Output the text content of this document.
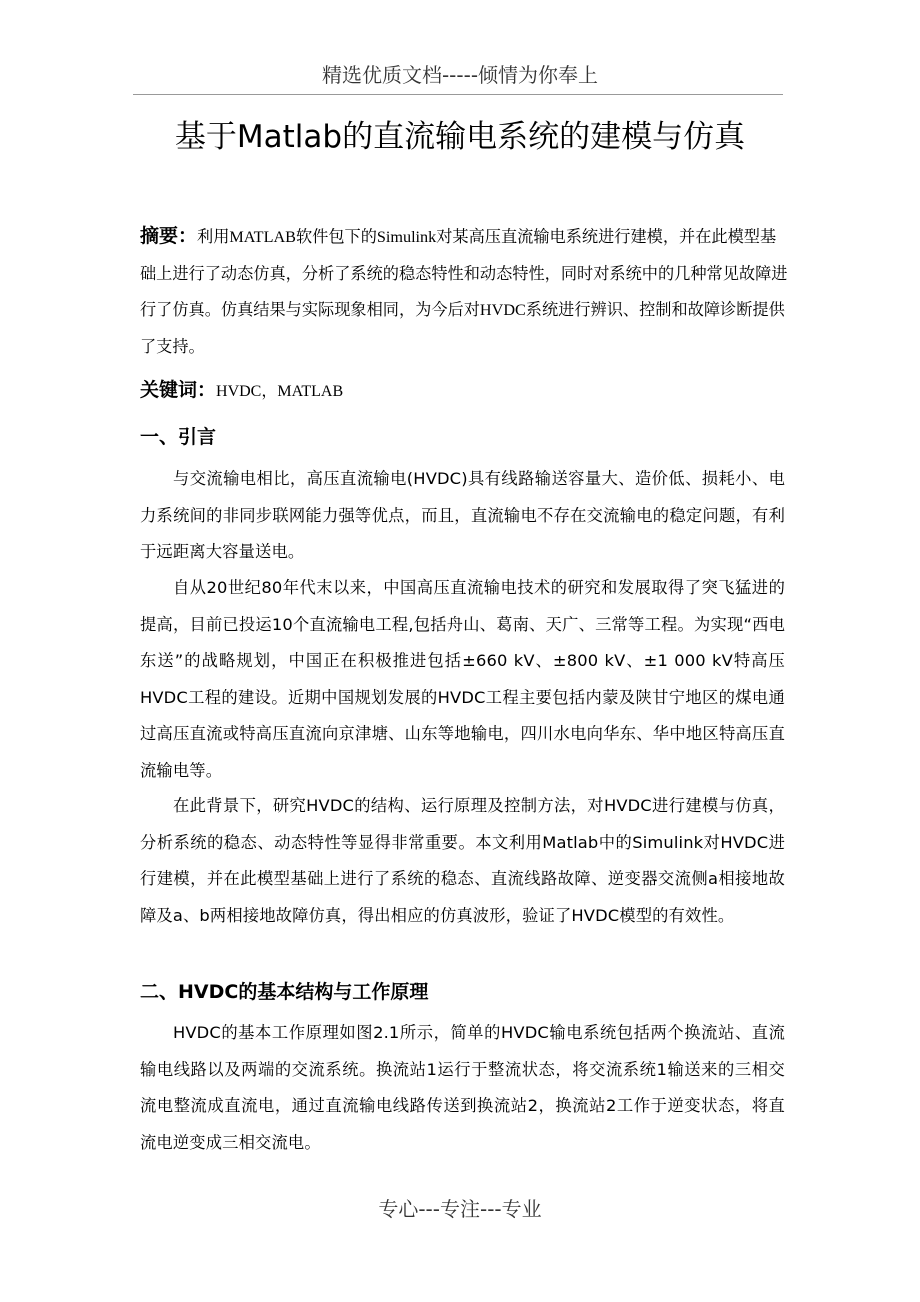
精选优质文档-----倾情为你奉上
基于Matlab的直流输电系统的建模与仿真
摘要：利用MATLAB软件包下的Simulink对某高压直流输电系统进行建模，并在此模型基础上进行了动态仿真，分析了系统的稳态特性和动态特性，同时对系统中的几种常见故障进行了仿真。仿真结果与实际现象相同，为今后对HVDC系统进行辨识、控制和故障诊断提供了支持。
关键词：HVDC，MATLAB
一、引言

与交流输电相比，高压直流输电(HVDC)具有线路输送容量大、造价低、损耗小、电力系统间的非同步联网能力强等优点，而且，直流输电不存在交流输电的稳定问题，有利于远距离大容量送电。

自从20世纪80年代末以来，中国高压直流输电技术的研究和发展取得了突飞猛进的提高，目前已投运10个直流输电工程,包括舟山、葛南、天广、三常等工程。为实现“西电东送”的战略规划，中国正在积极推进包括±660 kV、±800 kV、±1 000 kV特高压HVDC工程的建设。近期中国规划发展的HVDC工程主要包括内蒙及陕甘宁地区的煤电通过高压直流或特高压直流向京津塘、山东等地输电，四川水电向华东、华中地区特高压直流输电等。

在此背景下，研究HVDC的结构、运行原理及控制方法，对HVDC进行建模与仿真，分析系统的稳态、动态特性等显得非常重要。本文利用Matlab中的Simulink对HVDC进行建模，并在此模型基础上进行了系统的稳态、直流线路故障、逆变器交流侧a相接地故障及a、b两相接地故障仿真，得出相应的仿真波形，验证了HVDC模型的有效性。

二、HVDC的基本结构与工作原理

HVDC的基本工作原理如图2.1所示，简单的HVDC输电系统包括两个换流站、直流输电线路以及两端的交流系统。换流站1运行于整流状态，将交流系统1输送来的三相交流电整流成直流电，通过直流输电线路传送到换流站2，换流站2工作于逆变状态，将直流电逆变成三相交流电。

专心---专注---专业
